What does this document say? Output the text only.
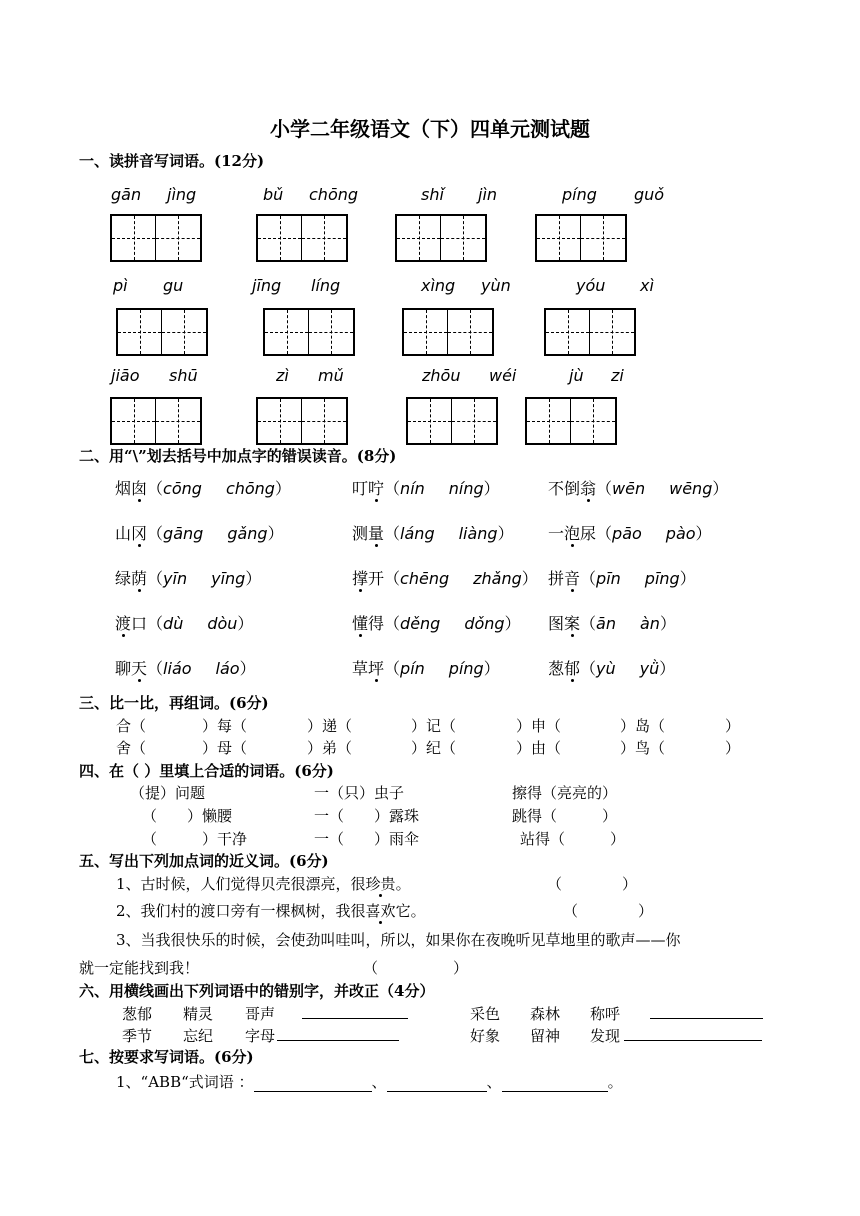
小学二年级语文（下）四单元测试题
一、读拼音写词语。(12分)
gān jìng	bǔ chōng	shǐ jìn	píng guǒ
pì gu	jīng líng	xìng yùn	yóu xì
jiāo shū	zì mǔ	zhōu wéi	jù zi
二、用“\”划去括号中加点字的错误读音。(8分)
烟囱（cōng chōng）	叮咛（nín níng）	不倒翁（wēn wēng）
山冈（gāng gǎng）	测量（láng liàng） 一泡尿（pāo pào）
绿荫（yīn yīng）	撑开（chēng zhǎng） 拼音（pīn pīng）
渡口（dù dòu）	懂得（děng dǒng） 图案（ān àn）
聊天（liáo láo）	草坪（pín píng）	葱郁（yù yǜ）
三、比一比，再组词。(6分)
合（	）每（	）递（	）记（	）申（	）岛（	）
舍（	）母（	）弟（	）纪（	）由（	）鸟（	）
四、在（ ）里填上合适的词语。(6分)
（提）问题	一（只）虫子	擦得（亮亮的）
（　　）懒腰	一（　　）露珠	跳得（　　　）
（　　　）干净	一（　　）雨伞	站得（　　　）
五、写出下列加点词的近义词。(6分)
1、古时候，人们觉得贝壳很漂亮，很珍贵。	（　　　　）
2、我们村的渡口旁有一棵枫树，我很喜欢它。	（　　　　）
3、当我很快乐的时候，会使劲叫哇叫，所以，如果你在夜晚听见草地里的歌声——你
就一定能找到我！	（　　　　　）
六、用横线画出下列词语中的错别字，并改正（4分）
葱郁 精灵 哥声	采色 森林 称呼
季节 忘纪 字母	好象 留神 发现
七、按要求写词语。(6分)
1、“ABB“式词语 ：	、	、	。
